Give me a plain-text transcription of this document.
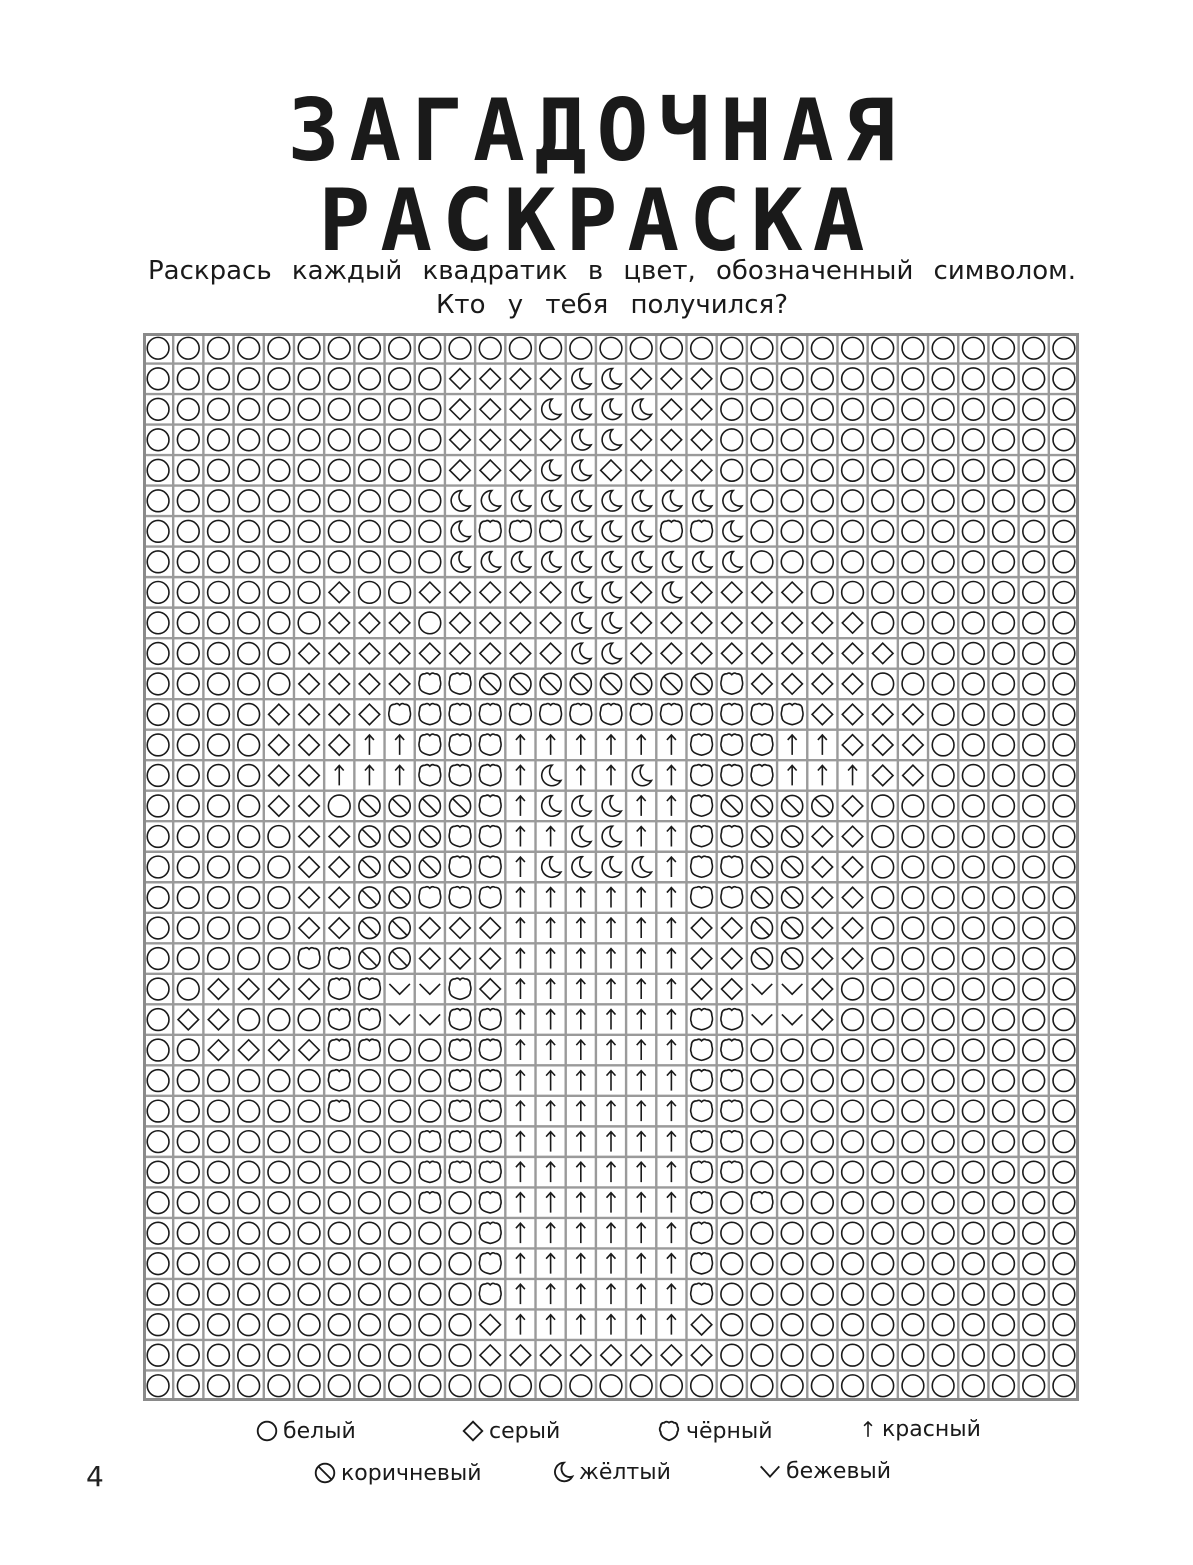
ЗАГАДОЧНАЯ
РАСКРАСКА
Раскрась каждый квадратик в цвет, обозначенный символом.
Кто у тебя получился?
белый	серый	чёрный	красный
коричневый	жёлтый	бежевый
4
